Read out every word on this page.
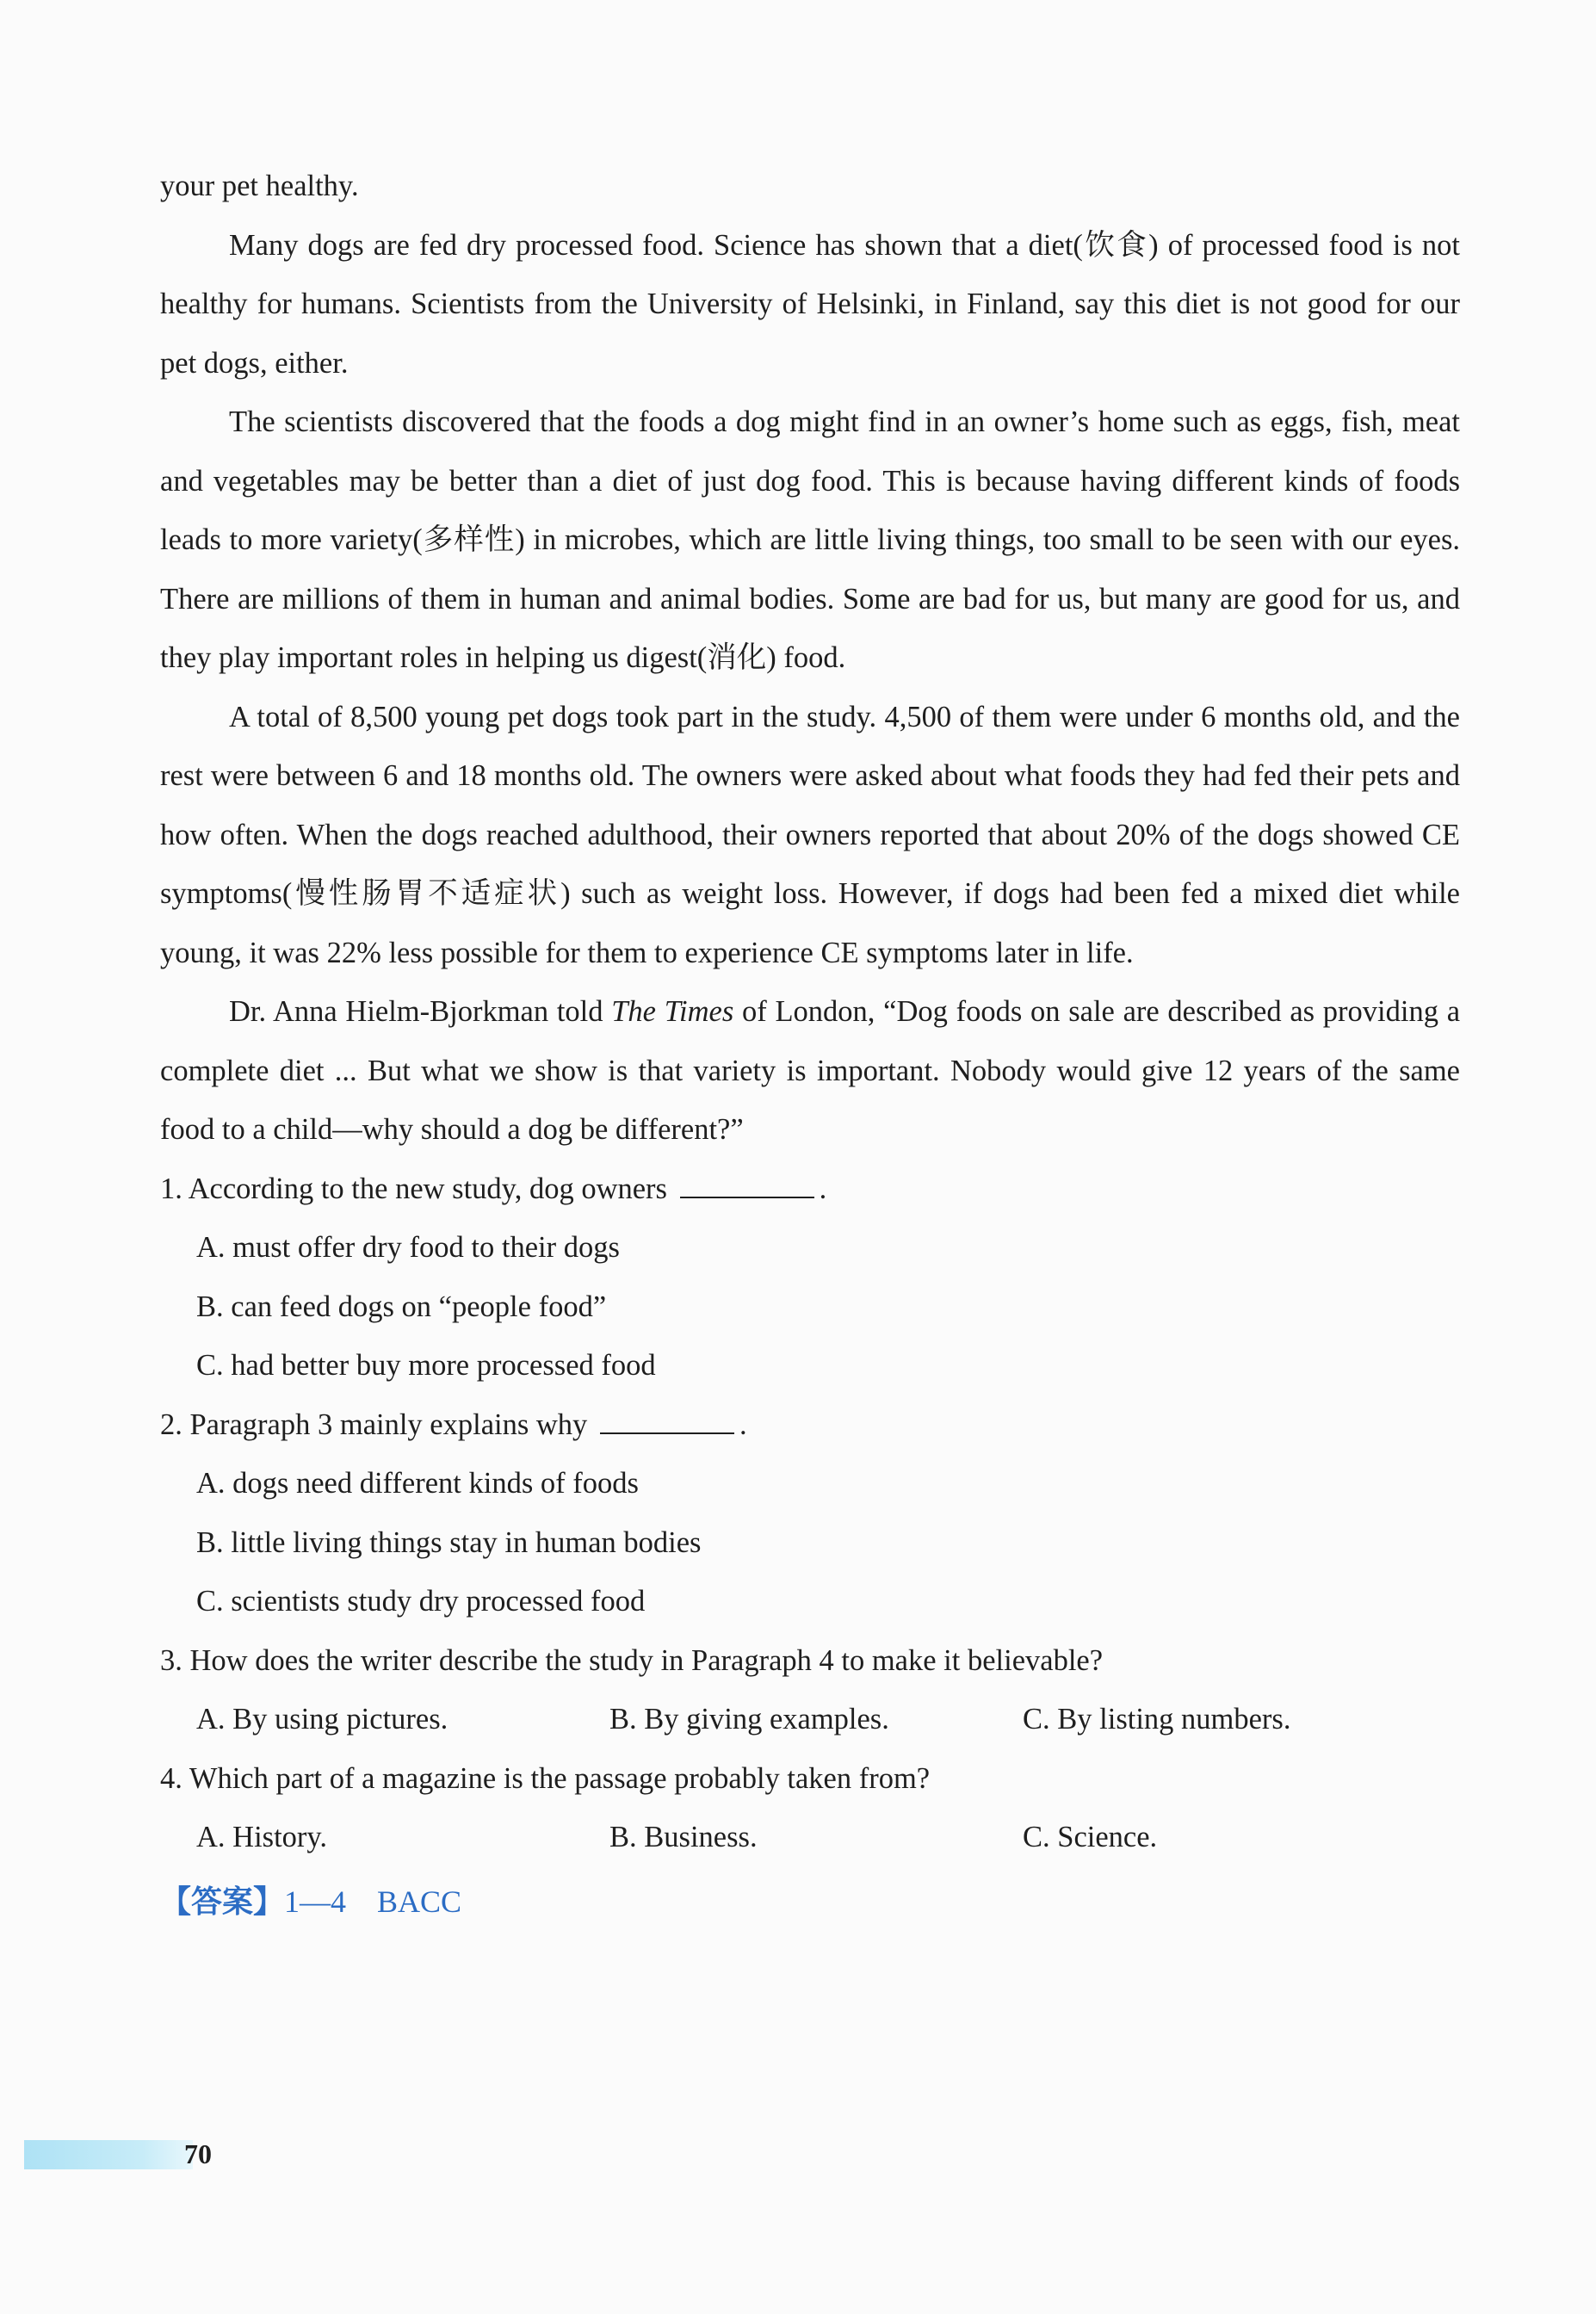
your pet healthy.

Many dogs are fed dry processed food. Science has shown that a diet(饮食) of processed food is not healthy for humans. Scientists from the University of Helsinki, in Finland, say this diet is not good for our pet dogs, either.

The scientists discovered that the foods a dog might find in an owner’s home such as eggs, fish, meat and vegetables may be better than a diet of just dog food. This is because having different kinds of foods leads to more variety(多样性) in microbes, which are little living things, too small to be seen with our eyes. There are millions of them in human and animal bodies. Some are bad for us, but many are good for us, and they play important roles in helping us digest(消化) food.

A total of 8,500 young pet dogs took part in the study. 4,500 of them were under 6 months old, and the rest were between 6 and 18 months old. The owners were asked about what foods they had fed their pets and how often. When the dogs reached adulthood, their owners reported that about 20% of the dogs showed CE symptoms(慢性肠胃不适症状) such as weight loss. However, if dogs had been fed a mixed diet while young, it was 22% less possible for them to experience CE symptoms later in life.

Dr. Anna Hielm-Bjorkman told The Times of London, “Dog foods on sale are described as providing a complete diet ... But what we show is that variety is important. Nobody would give 12 years of the same food to a child—why should a dog be different?”

1. According to the new study, dog owners	.

A. must offer dry food to their dogs

B. can feed dogs on “people food”

C. had better buy more processed food

2. Paragraph 3 mainly explains why	.

A. dogs need different kinds of foods

B. little living things stay in human bodies

C. scientists study dry processed food

3. How does the writer describe the study in Paragraph 4 to make it believable?

A. By using pictures.	B. By giving examples.	C. By listing numbers.

4. Which part of a magazine is the passage probably taken from?

A. History.	B. Business.	C. Science.

【答案】1—4　BACC

70
